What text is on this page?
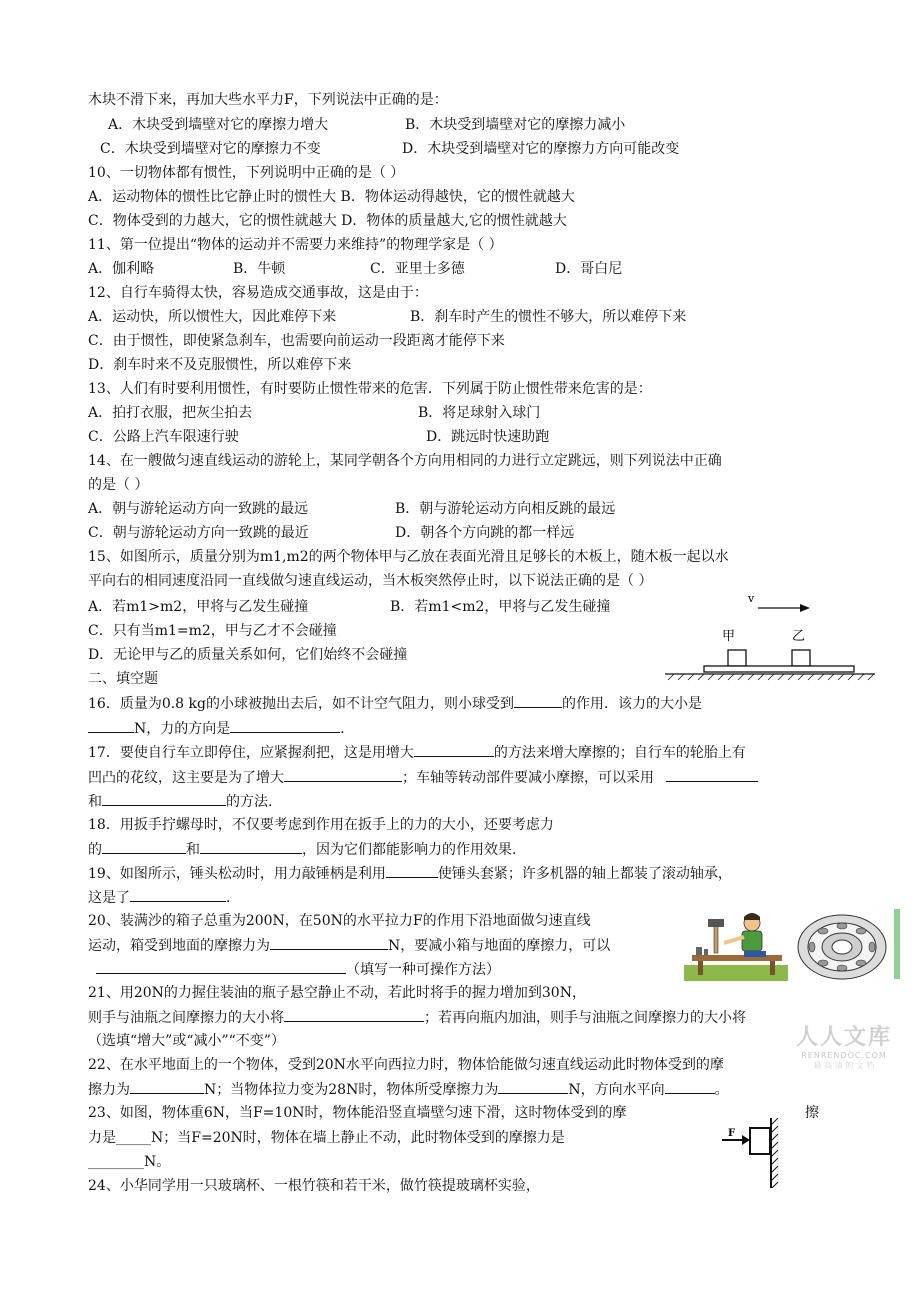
木块不滑下来，再加大些水平力F，下列说法中正确的是：
A．木块受到墙壁对它的摩擦力增大	B．木块受到墙壁对它的摩擦力减小
C．木块受到墙壁对它的摩擦力不变	D．木块受到墙壁对它的摩擦力方向可能改变
10、一切物体都有惯性，下列说明中正确的是（ ）
A．运动物体的惯性比它静止时的惯性大 B．物体运动得越快，它的惯性就越大
C．物体受到的力越大，它的惯性就越大 D．物体的质量越大,它的惯性就越大
11、第一位提出“物体的运动并不需要力来维持”的物理学家是（ ）
A．伽利略	B．牛顿	C．亚里士多德	D．哥白尼
12、自行车骑得太快，容易造成交通事故，这是由于：
A．运动快，所以惯性大，因此难停下来	B．刹车时产生的惯性不够大，所以难停下来
C．由于惯性，即使紧急刹车，也需要向前运动一段距离才能停下来
D．刹车时来不及克服惯性，所以难停下来
13、人们有时要利用惯性，有时要防止惯性带来的危害．下列属于防止惯性带来危害的是：
A．拍打衣服，把灰尘拍去	B．将足球射入球门
C．公路上汽车限速行驶	D．跳远时快速助跑
14、在一艘做匀速直线运动的游轮上，某同学朝各个方向用相同的力进行立定跳远，则下列说法中正确
的是（ ）
A．朝与游轮运动方向一致跳的最远	B．朝与游轮运动方向相反跳的最远
C．朝与游轮运动方向一致跳的最近	D．朝各个方向跳的都一样远
15、如图所示，质量分别为m1,m2的两个物体甲与乙放在表面光滑且足够长的木板上，随木板一起以水
平向右的相同速度沿同一直线做匀速直线运动，当木板突然停止时，以下说法正确的是（ ）
A．若m1>m2，甲将与乙发生碰撞	B．若m1<m2，甲将与乙发生碰撞
C．只有当m1=m2，甲与乙才不会碰撞
D．无论甲与乙的质量关系如何，它们始终不会碰撞
v
甲	乙
二、填空题
16．质量为0.8 kg的小球被抛出去后，如不计空气阻力，则小球受到	的作用．该力的大小是
N，力的方向是	．
17．要使自行车立即停住，应紧握刹把，这是用增大	的方法来增大摩擦的；自行车的轮胎上有
凹凸的花纹，这主要是为了增大	；车轴等转动部件要减小摩擦，可以采用
和	的方法.
18．用扳手拧螺母时，不仅要考虑到作用在扳手上的力的大小，还要考虑力
的	和	，因为它们都能影响力的作用效果.
19、如图所示，锤头松动时，用力敲锤柄是利用	使锤头套紧；许多机器的轴上都装了滚动轴承，
这是了	.
20、装满沙的箱子总重为200N，在50N的水平拉力F的作用下沿地面做匀速直线
运动，箱受到地面的摩擦力为	N，要减小箱与地面的摩擦力，可以
（填写一种可操作方法）
21、用20N的力握住装油的瓶子悬空静止不动，若此时将手的握力增加到30N，
则手与油瓶之间摩擦力的大小将	；若再向瓶内加油，则手与油瓶之间摩擦力的大小将
（选填“增大”或“减小”“不变”）
22、在水平地面上的一个物体，受到20N水平向西拉力时，物体恰能做匀速直线运动此时物体受到的摩
擦力为	N；当物体拉力变为28N时，物体所受摩擦力为	N，方向水平向	。
23、如图，物体重6N，当F=10N时，物体能沿竖直墙壁匀速下滑，这时物体受到的摩	擦
力是_____N；当F=20N时，物体在墙上静止不动，此时物体受到的摩擦力是
________N。
F
24、小华同学用一只玻璃杯、一根竹筷和若干米，做竹筷提玻璃杯实验，
人人文库
RENRENDOC.COM
最 高 清 的 文 档
